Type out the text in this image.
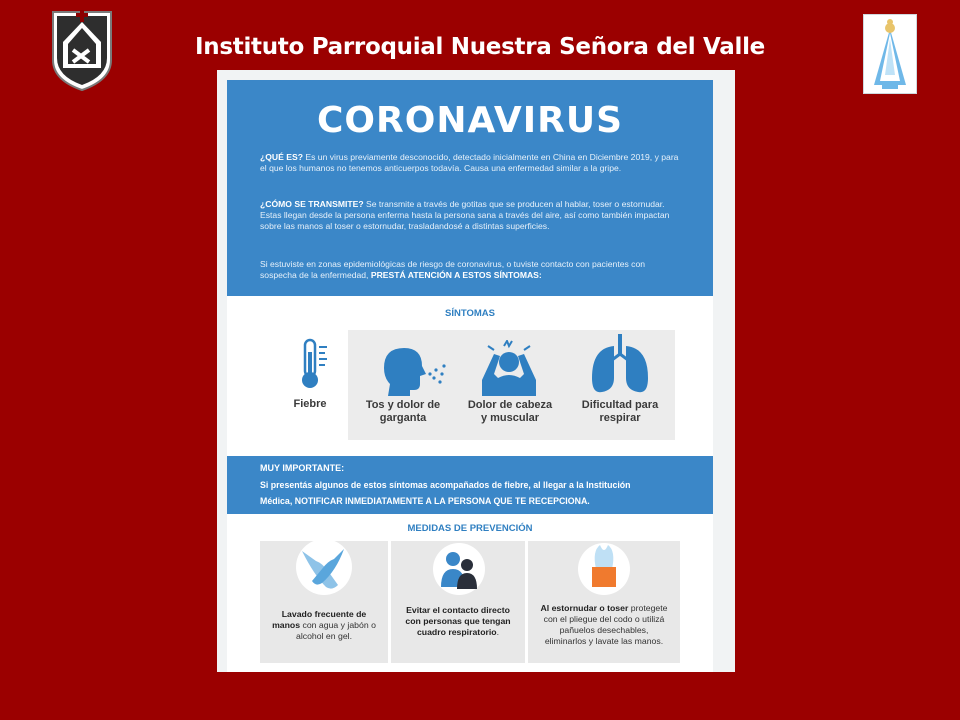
Instituto Parroquial Nuestra Señora del Valle
CORONAVIRUS
¿QUÉ ES? Es un virus previamente desconocido, detectado inicialmente en China en Diciembre 2019, y para el que los humanos no tenemos anticuerpos todavía. Causa una enfermedad similar a la gripe.
¿CÓMO SE TRANSMITE? Se transmite a través de gotitas que se producen al hablar, toser o estornudar. Estas llegan desde la persona enferma hasta la persona sana a través del aire, así como también impactan sobre las manos al toser o estornudar, trasladandosé a distintas superficies.
Si estuviste en zonas epidemiológicas de riesgo de coronavirus, o tuviste contacto con pacientes con sospecha de la enfermedad, PRESTÁ ATENCIÓN A ESTOS SÍNTOMAS:
SÍNTOMAS
Fiebre	Tos y dolor de
garganta
Dolor de cabeza
y muscular
Dificultad para
respirar
MUY IMPORTANTE:
Si presentás algunos de estos síntomas acompañados de fiebre, al llegar a la Institución
Médica, NOTIFICAR INMEDIATAMENTE A LA PERSONA QUE TE RECEPCIONA.
MEDIDAS DE PREVENCIÓN
Lavado frecuente de manos con agua y jabón o alcohol en gel.
Evitar el contacto directo con personas que tengan cuadro respiratorio.
Al estornudar o toser protegete con el pliegue del codo o utilizá pañuelos desechables, eliminarlos y lavate las manos.
